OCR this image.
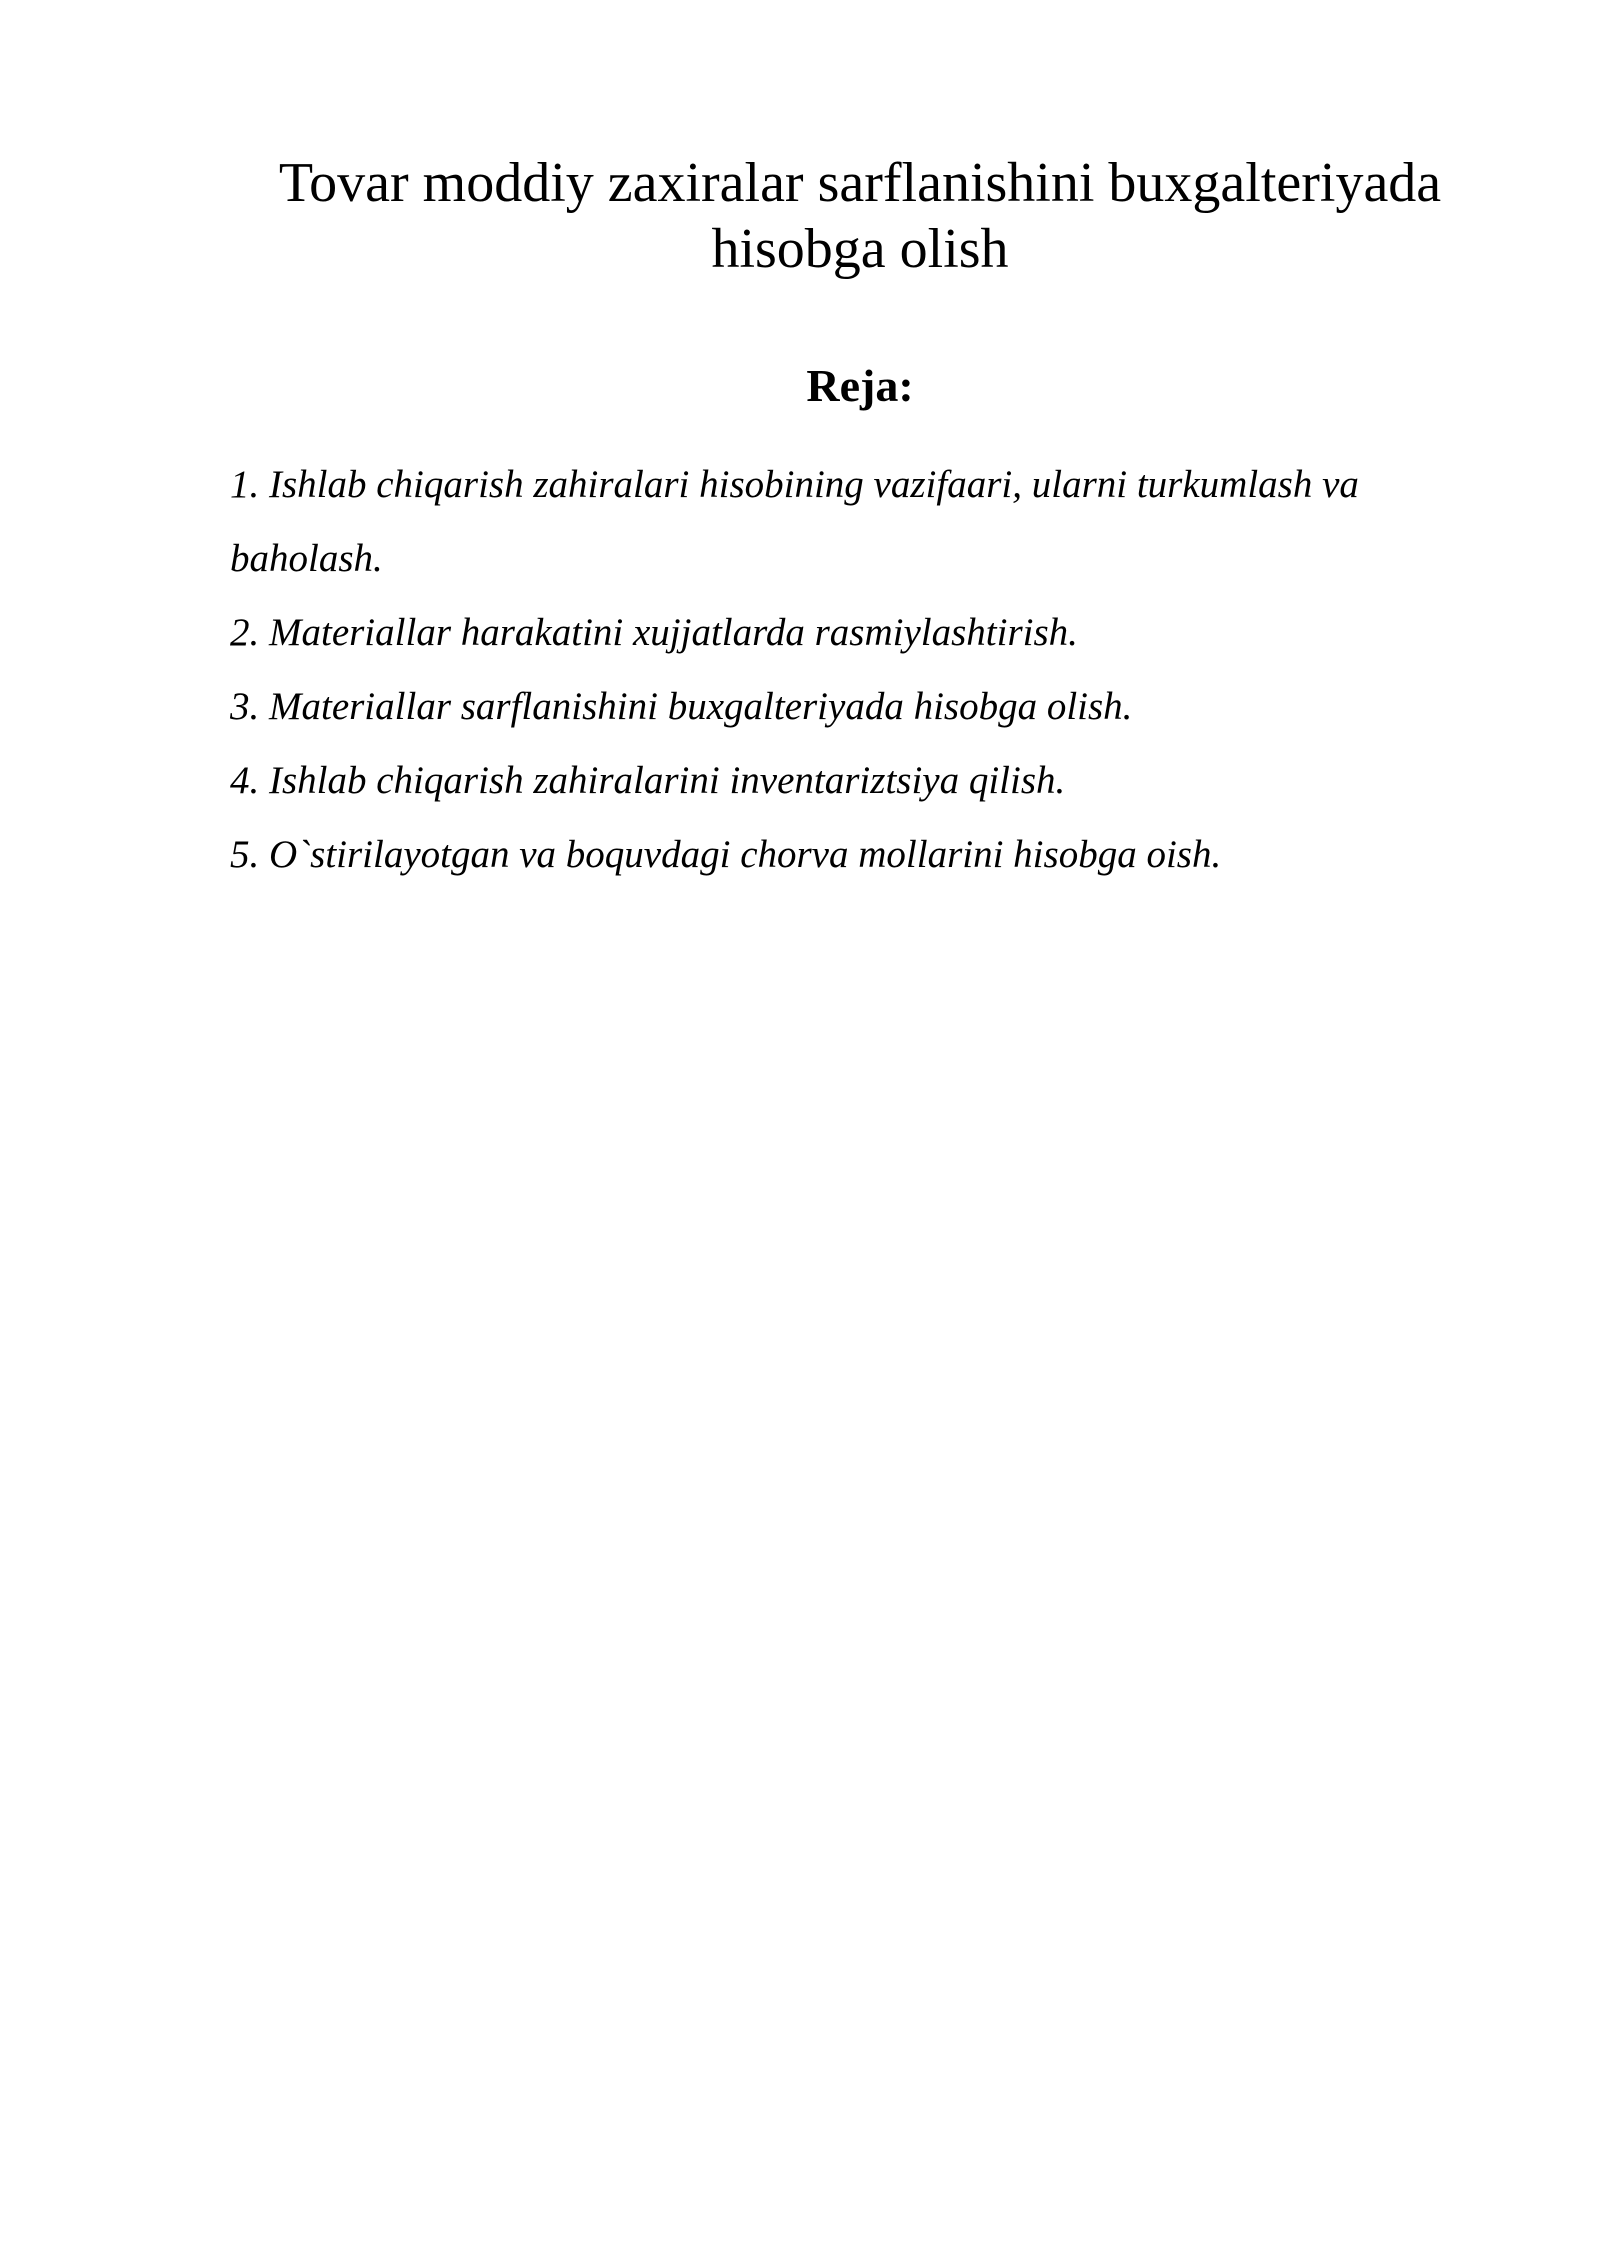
Tovar moddiy zaxiralar sarflanishini buxgalteriyada
hisobga olish
Reja:
1. Ishlab chiqarish zahiralari hisobining vazifaari, ularni turkumlash va baholash.
2. Materiallar harakatini xujjatlarda rasmiylashtirish.
3. Materiallar sarflanishini buxgalteriyada hisobga olish.
4. Ishlab chiqarish zahiralarini inventariztsiya qilish.
5. O`stirilayotgan va boquvdagi chorva mollarini hisobga oish.
